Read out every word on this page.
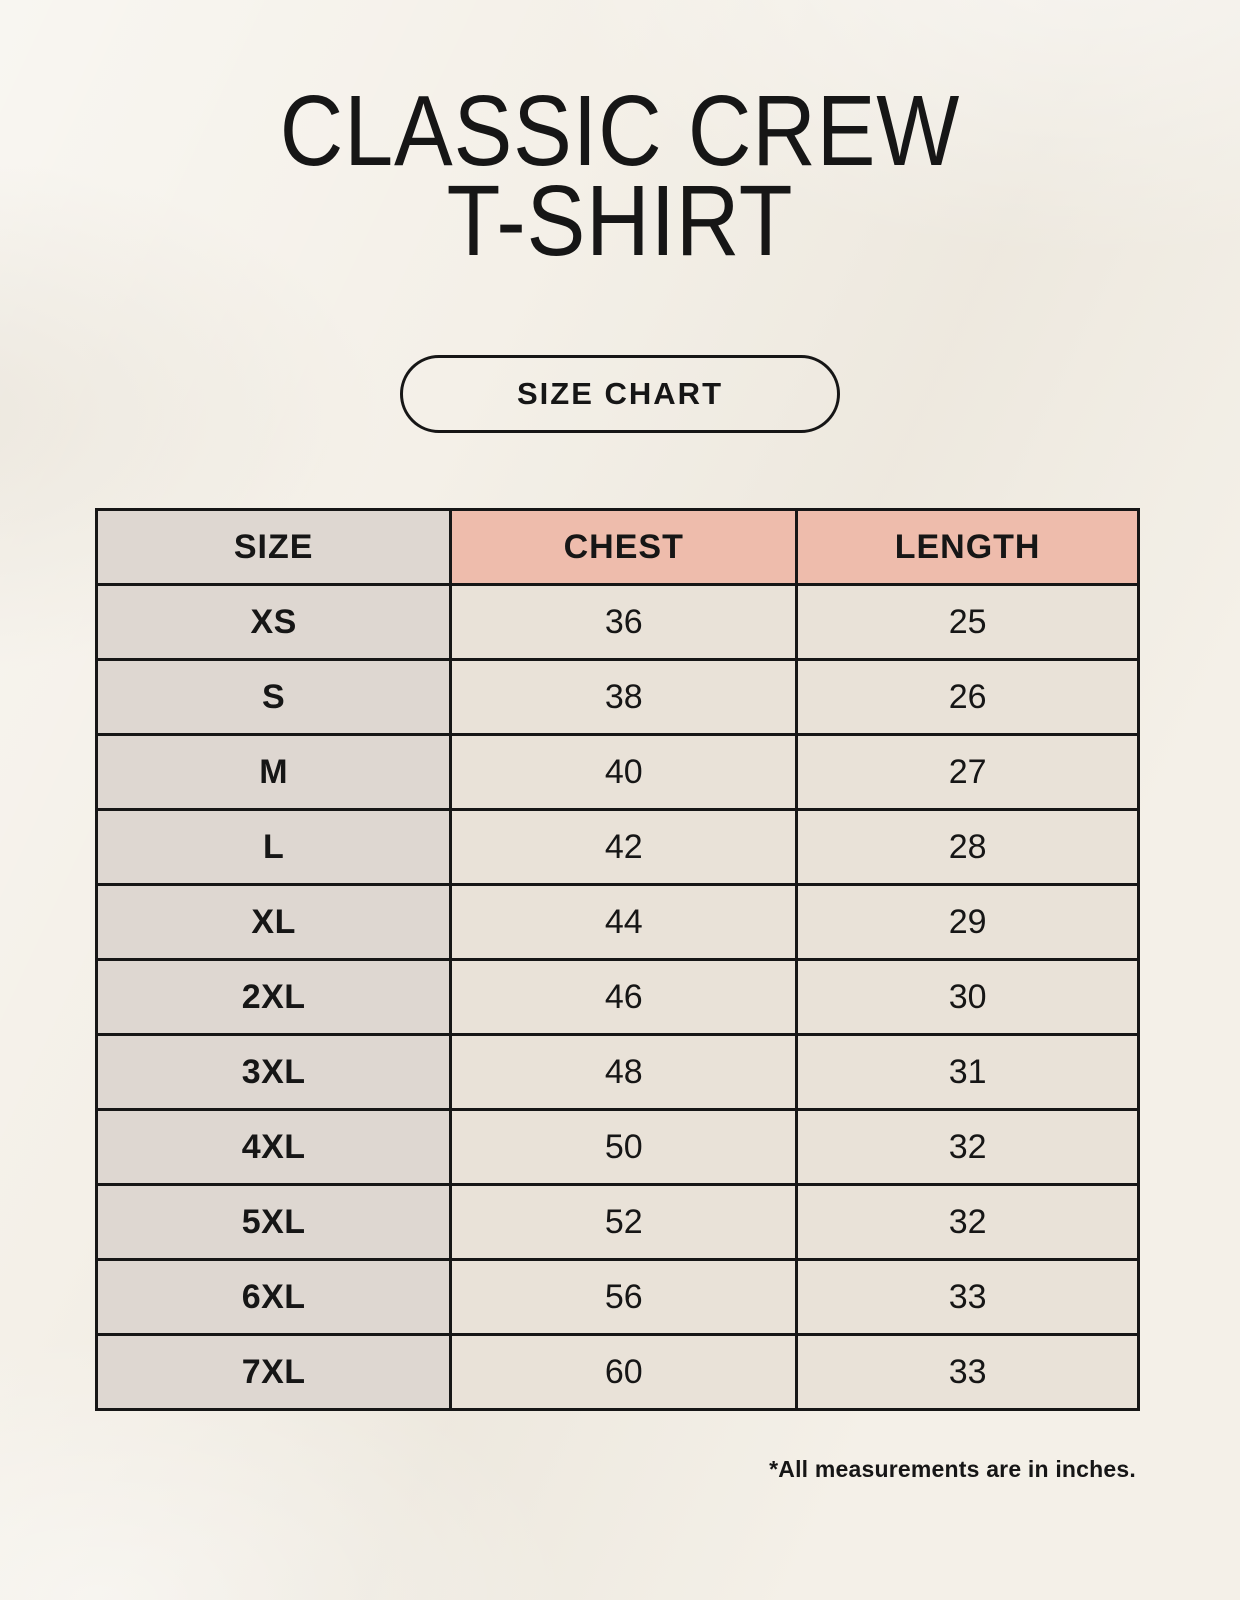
CLASSIC CREW
T-SHIRT
SIZE CHART
SIZE	CHEST	LENGTH
XS	36	25
S	38	26
M	40	27
L	42	28
XL	44	29
2XL	46	30
3XL	48	31
4XL	50	32
5XL	52	32
6XL	56	33
7XL	60	33
*All measurements are in inches.
